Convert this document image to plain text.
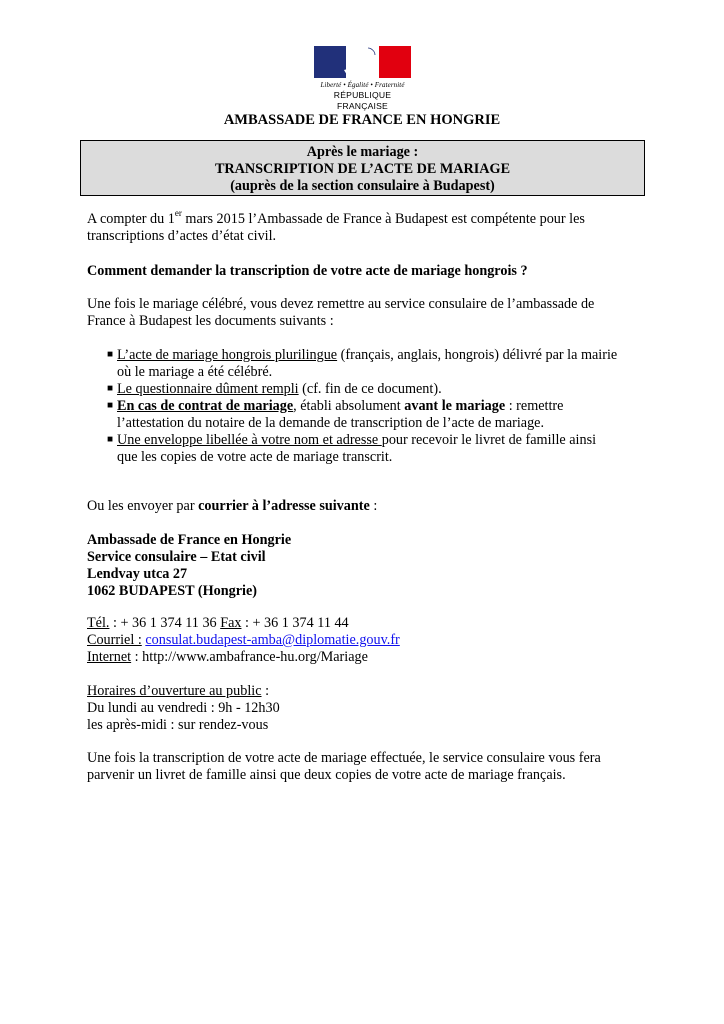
Liberté • Égalité • Fraternité
RÉPUBLIQUE FRANÇAISE
AMBASSADE DE FRANCE EN HONGRIE
Après le mariage :
TRANSCRIPTION DE L’ACTE DE MARIAGE
(auprès de la section consulaire à Budapest)
A compter du 1er mars 2015 l’Ambassade de France à Budapest est compétente pour les
transcriptions d’actes d’état civil.
Comment demander la transcription de votre acte de mariage hongrois ?
Une fois le mariage célébré, vous devez remettre au service consulaire de l’ambassade de
France à Budapest les documents suivants :
■ L’acte de mariage hongrois plurilingue (français, anglais, hongrois) délivré par la mairie
où le mariage a été célébré.
■ Le questionnaire dûment rempli (cf. fin de ce document).
■ En cas de contrat de mariage, établi absolument avant le mariage : remettre
l’attestation du notaire de la demande de transcription de l’acte de mariage.
■ Une enveloppe libellée à votre nom et adresse pour recevoir le livret de famille ainsi
que les copies de votre acte de mariage transcrit.
Ou les envoyer par courrier à l’adresse suivante :
Ambassade de France en Hongrie
Service consulaire – Etat civil
Lendvay utca 27
1062 BUDAPEST (Hongrie)
Tél. : + 36 1 374 11 36 Fax : + 36 1 374 11 44
Courriel : consulat.budapest-amba@diplomatie.gouv.fr
Internet : http://www.ambafrance-hu.org/Mariage
Horaires d’ouverture au public :
Du lundi au vendredi : 9h - 12h30
les après-midi : sur rendez-vous
Une fois la transcription de votre acte de mariage effectuée, le service consulaire vous fera
parvenir un livret de famille ainsi que deux copies de votre acte de mariage français.
